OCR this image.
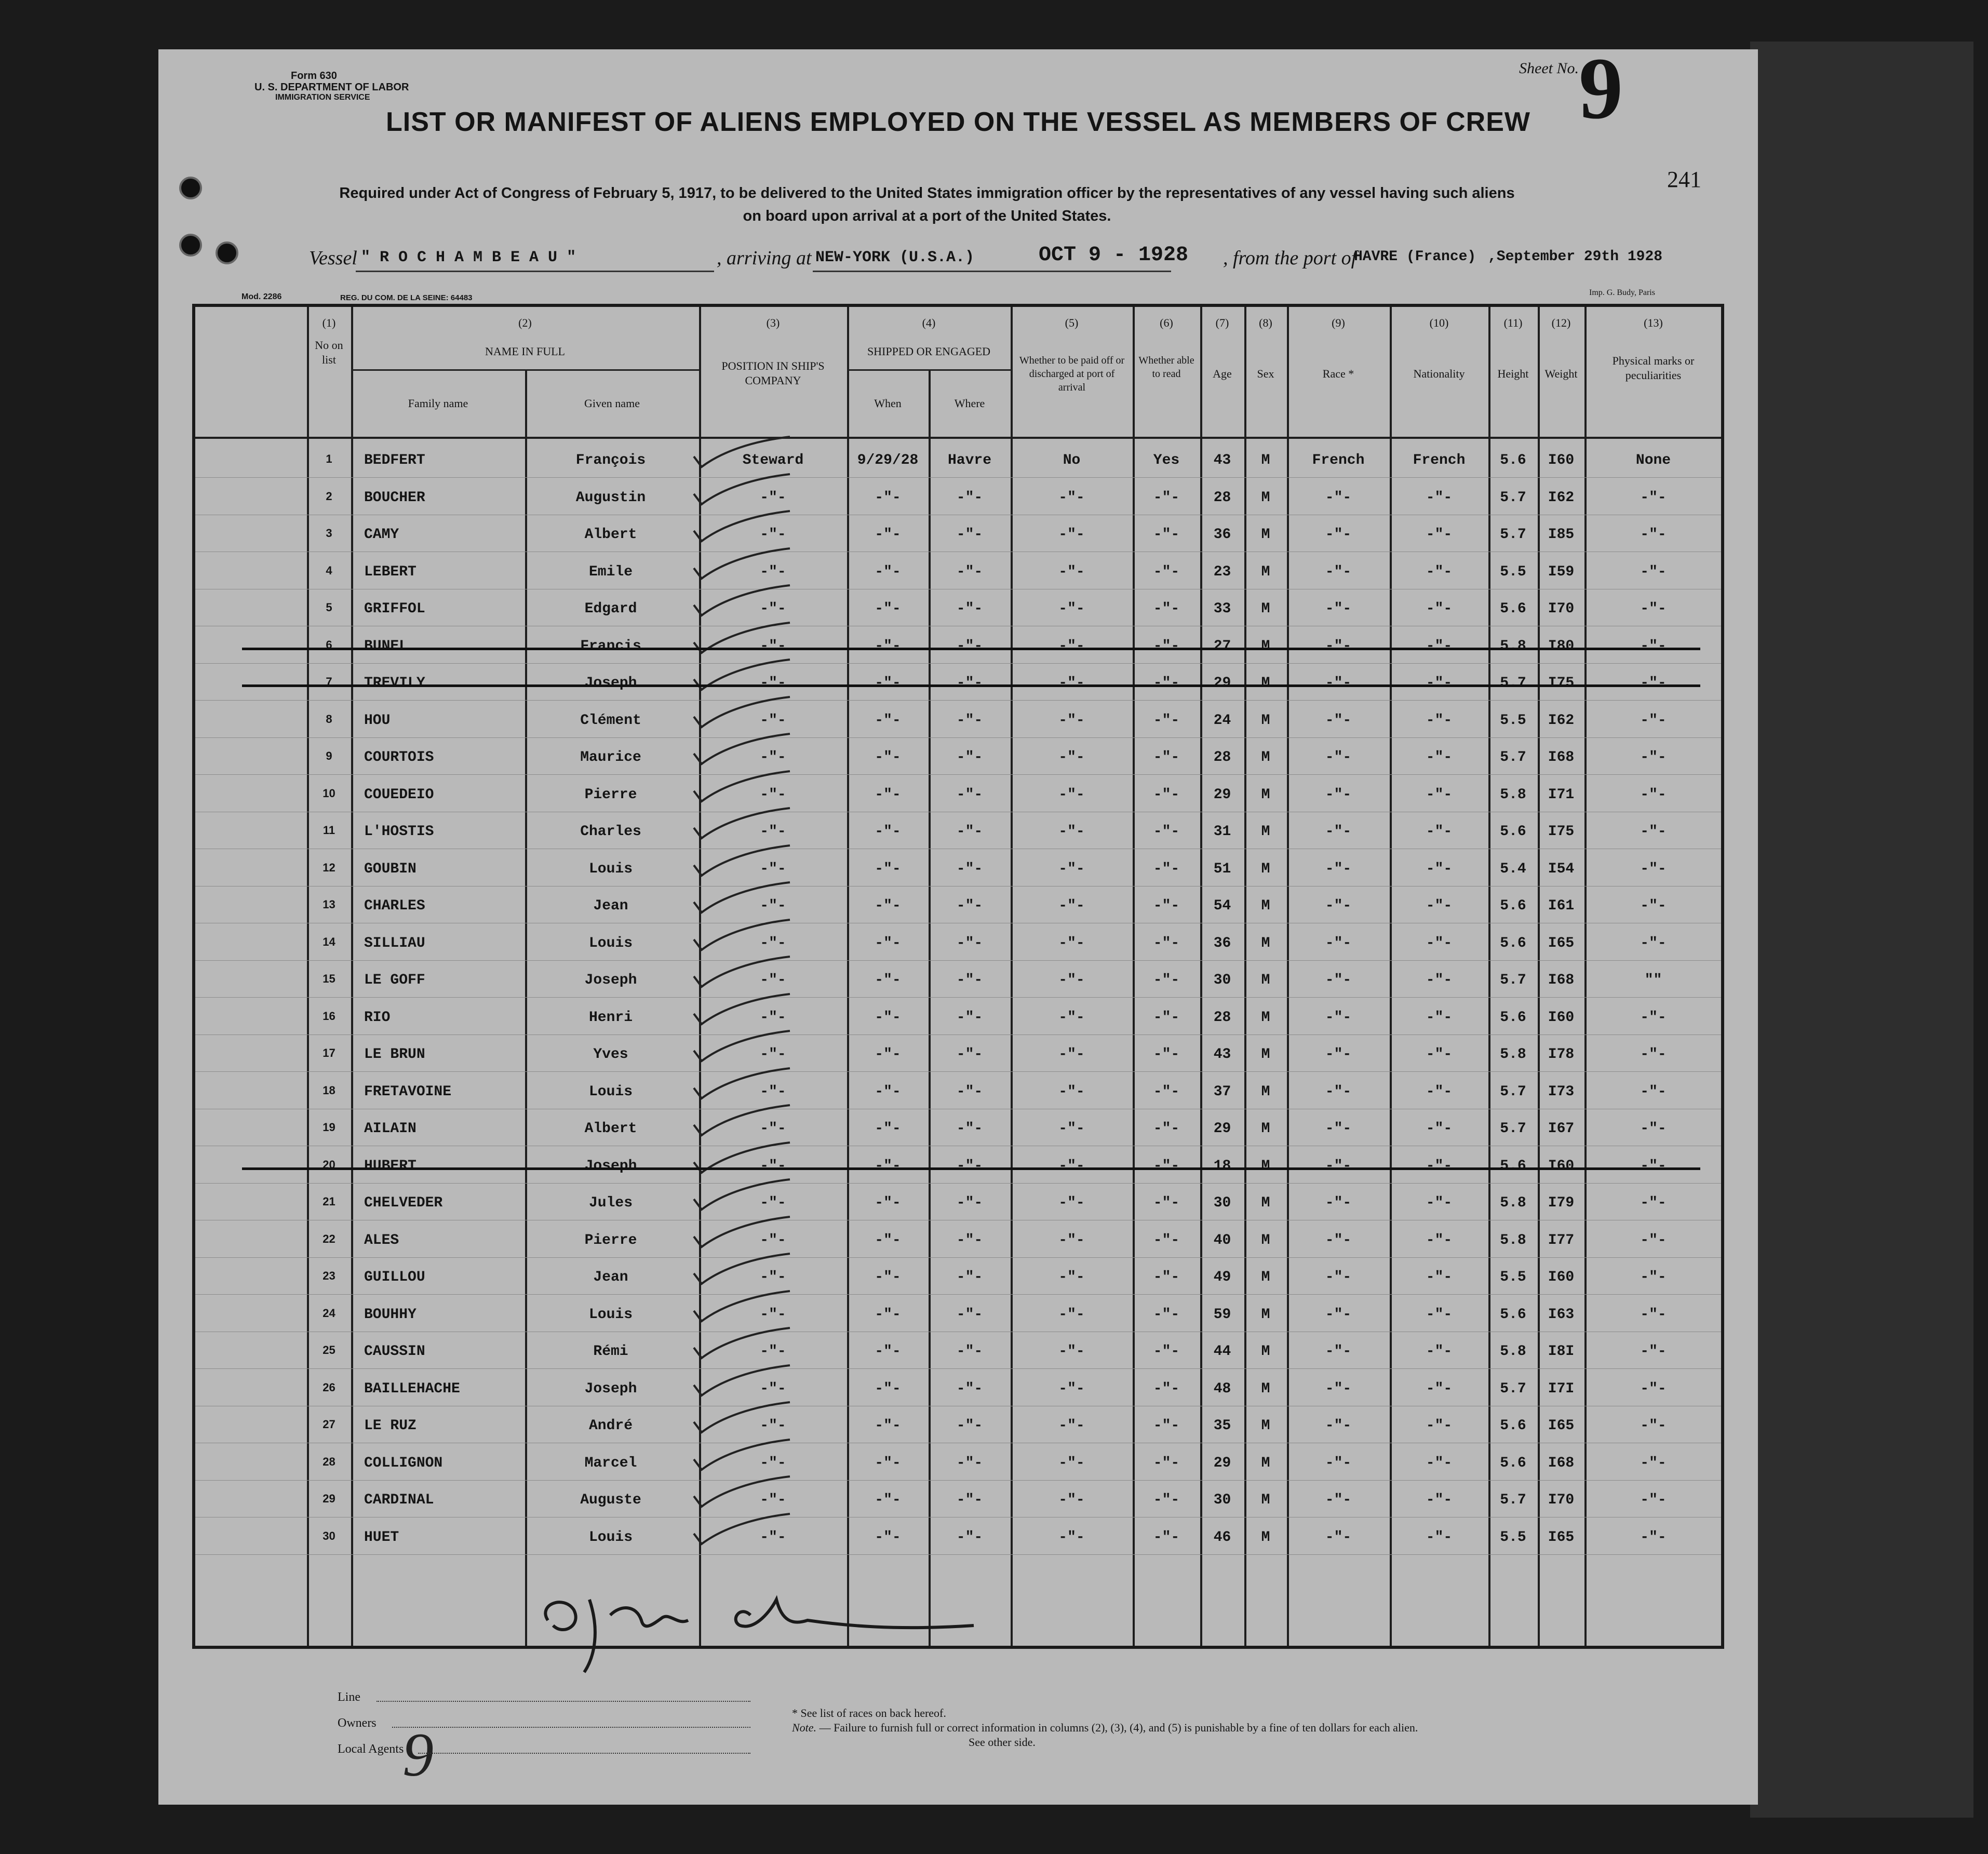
Form 630
U. S. DEPARTMENT OF LABOR
IMMIGRATION SERVICE
Sheet No. 9
241
LIST OR MANIFEST OF ALIENS EMPLOYED ON THE VESSEL AS MEMBERS OF CREW
Required under Act of Congress of February 5, 1917, to be delivered to the United States immigration officer by the representatives of any vessel having such aliens
on board upon arrival at a port of the United States.
Vessel " R O C H A M B E A U "	, arriving at NEW-YORK (U.S.A.)	OCT 9 - 1928 , from the port of
HAVRE (France) ,September 29th 1928
Mod. 2286	REG. DU COM. DE LA SEINE: 64483
Imp. G. Budy, Paris
(1)
No on list
(2)
NAME IN FULL
Family name	Given name
(3)
POSITION IN SHIP'S COMPANY
(4)
SHIPPED OR ENGAGED
When	Where
(5)
Whether to be paid off or discharged at port of arrival
(6)
Whether able to read
(7)
Age
(8)
Sex
(9)
Race *
(10)
Nationality
(11)
Height
(12)
Weight
(13)
Physical marks or peculiarities
1	BEDFERT	François	Steward	9/29/28	Havre	No	Yes	43	M	French	French	5.6	I60	None
2	BOUCHER	Augustin	-"-	-"-	-"-	-"-	-"-	28	M	-"-	-"-	5.7	I62	-"-
3	CAMY	Albert	-"-	-"-	-"-	-"-	-"-	36	M	-"-	-"-	5.7	I85	-"-
4	LEBERT	Emile	-"-	-"-	-"-	-"-	-"-	23	M	-"-	-"-	5.5	I59	-"-
5	GRIFFOL	Edgard	-"-	-"-	-"-	-"-	-"-	33	M	-"-	-"-	5.6	I70	-"-
6	BUNEL	Francis	-"-	-"-	-"-	-"-	-"-	27	M	-"-	-"-	5.8	I80	-"-
7	TREVILY	Joseph	-"-	-"-	-"-	-"-	-"-	29	M	-"-	-"-	5.7	I75	-"-
8	HOU	Clément	-"-	-"-	-"-	-"-	-"-	24	M	-"-	-"-	5.5	I62	-"-
9	COURTOIS	Maurice	-"-	-"-	-"-	-"-	-"-	28	M	-"-	-"-	5.7	I68	-"-
10	COUEDEIO	Pierre	-"-	-"-	-"-	-"-	-"-	29	M	-"-	-"-	5.8	I71	-"-
11	L'HOSTIS	Charles	-"-	-"-	-"-	-"-	-"-	31	M	-"-	-"-	5.6	I75	-"-
12	GOUBIN	Louis	-"-	-"-	-"-	-"-	-"-	51	M	-"-	-"-	5.4	I54	-"-
13	CHARLES	Jean	-"-	-"-	-"-	-"-	-"-	54	M	-"-	-"-	5.6	I61	-"-
14	SILLIAU	Louis	-"-	-"-	-"-	-"-	-"-	36	M	-"-	-"-	5.6	I65	-"-
15	LE GOFF	Joseph	-"-	-"-	-"-	-"-	-"-	30	M	-"-	-"-	5.7	I68	""
16	RIO	Henri	-"-	-"-	-"-	-"-	-"-	28	M	-"-	-"-	5.6	I60	-"-
17	LE BRUN	Yves	-"-	-"-	-"-	-"-	-"-	43	M	-"-	-"-	5.8	I78	-"-
18	FRETAVOINE	Louis	-"-	-"-	-"-	-"-	-"-	37	M	-"-	-"-	5.7	I73	-"-
19	AILAIN	Albert	-"-	-"-	-"-	-"-	-"-	29	M	-"-	-"-	5.7	I67	-"-
20	HUBERT	Joseph	-"-	-"-	-"-	-"-	-"-	18	M	-"-	-"-	5.6	I60	-"-
21	CHELVEDER	Jules	-"-	-"-	-"-	-"-	-"-	30	M	-"-	-"-	5.8	I79	-"-
22	ALES	Pierre	-"-	-"-	-"-	-"-	-"-	40	M	-"-	-"-	5.8	I77	-"-
23	GUILLOU	Jean	-"-	-"-	-"-	-"-	-"-	49	M	-"-	-"-	5.5	I60	-"-
24	BOUHHY	Louis	-"-	-"-	-"-	-"-	-"-	59	M	-"-	-"-	5.6	I63	-"-
25	CAUSSIN	Rémi	-"-	-"-	-"-	-"-	-"-	44	M	-"-	-"-	5.8	I8I	-"-
26	BAILLEHACHE	Joseph	-"-	-"-	-"-	-"-	-"-	48	M	-"-	-"-	5.7	I7I	-"-
27	LE RUZ	André	-"-	-"-	-"-	-"-	-"-	35	M	-"-	-"-	5.6	I65	-"-
28	COLLIGNON	Marcel	-"-	-"-	-"-	-"-	-"-	29	M	-"-	-"-	5.6	I68	-"-
29	CARDINAL	Auguste	-"-	-"-	-"-	-"-	-"-	30	M	-"-	-"-	5.7	I70	-"-
30	HUET	Louis	-"-	-"-	-"-	-"-	-"-	46	M	-"-	-"-	5.5	I65	-"-
9
Line
Owners
Local Agents
* See list of races on back hereof.
Note. — Failure to furnish full or correct information in columns (2), (3), (4), and (5) is punishable by a fine of ten dollars for each alien.
See other side.
